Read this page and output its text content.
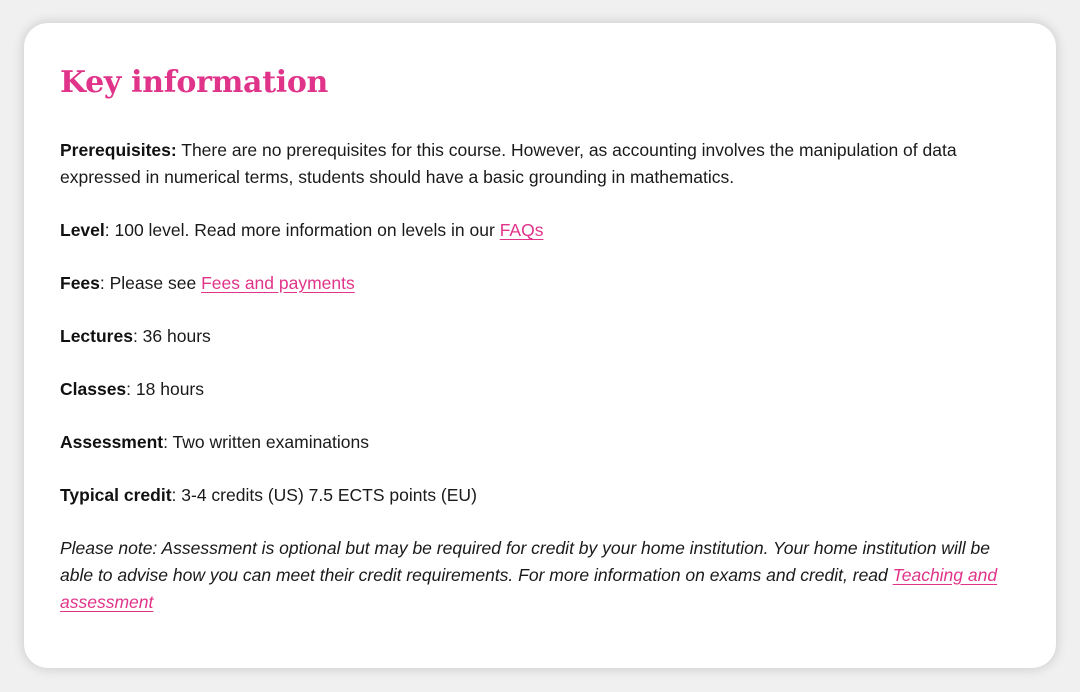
Key information

Prerequisites: There are no prerequisites for this course. However, as accounting involves the manipulation of data expressed in numerical terms, students should have a basic grounding in mathematics.

Level: 100 level. Read more information on levels in our FAQs

Fees: Please see Fees and payments

Lectures: 36 hours

Classes: 18 hours

Assessment: Two written examinations

Typical credit: 3-4 credits (US) 7.5 ECTS points (EU)

Please note: Assessment is optional but may be required for credit by your home institution. Your home institution will be able to advise how you can meet their credit requirements. For more information on exams and credit, read Teaching and assessment
